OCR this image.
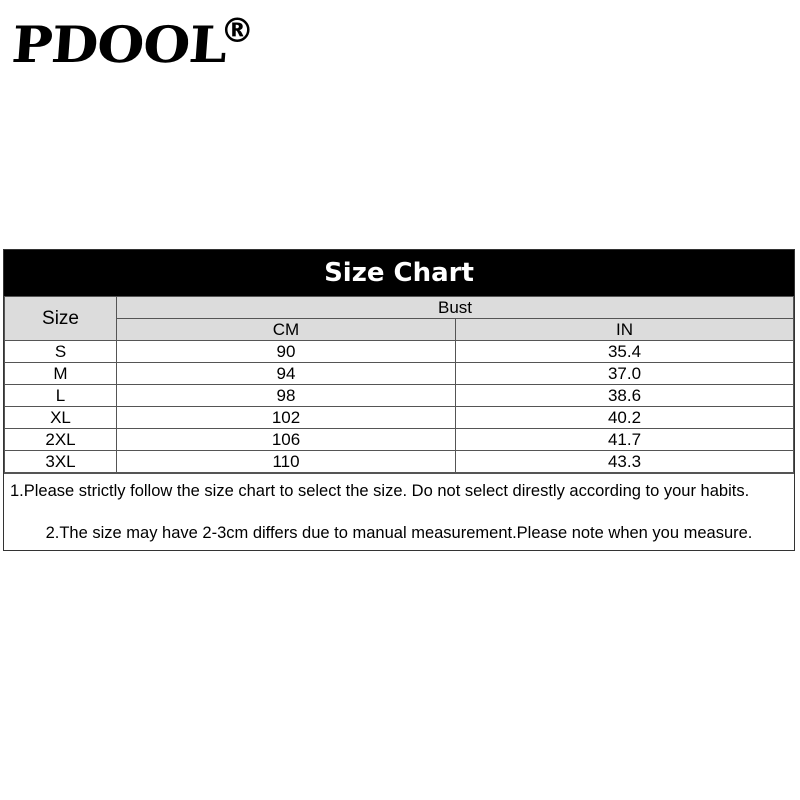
PDOOL
®
Size Chart
Size	Bust	
	CM	IN
S	90	35.4
M	94	37.0
L	98	38.6
XL	102	40.2
2XL	106	41.7
3XL	110	43.3
1.Please strictly follow the size chart to select the size. Do not select direstly according to your habits.
2.The size may have 2-3cm differs due to manual measurement.Please note when you measure.
